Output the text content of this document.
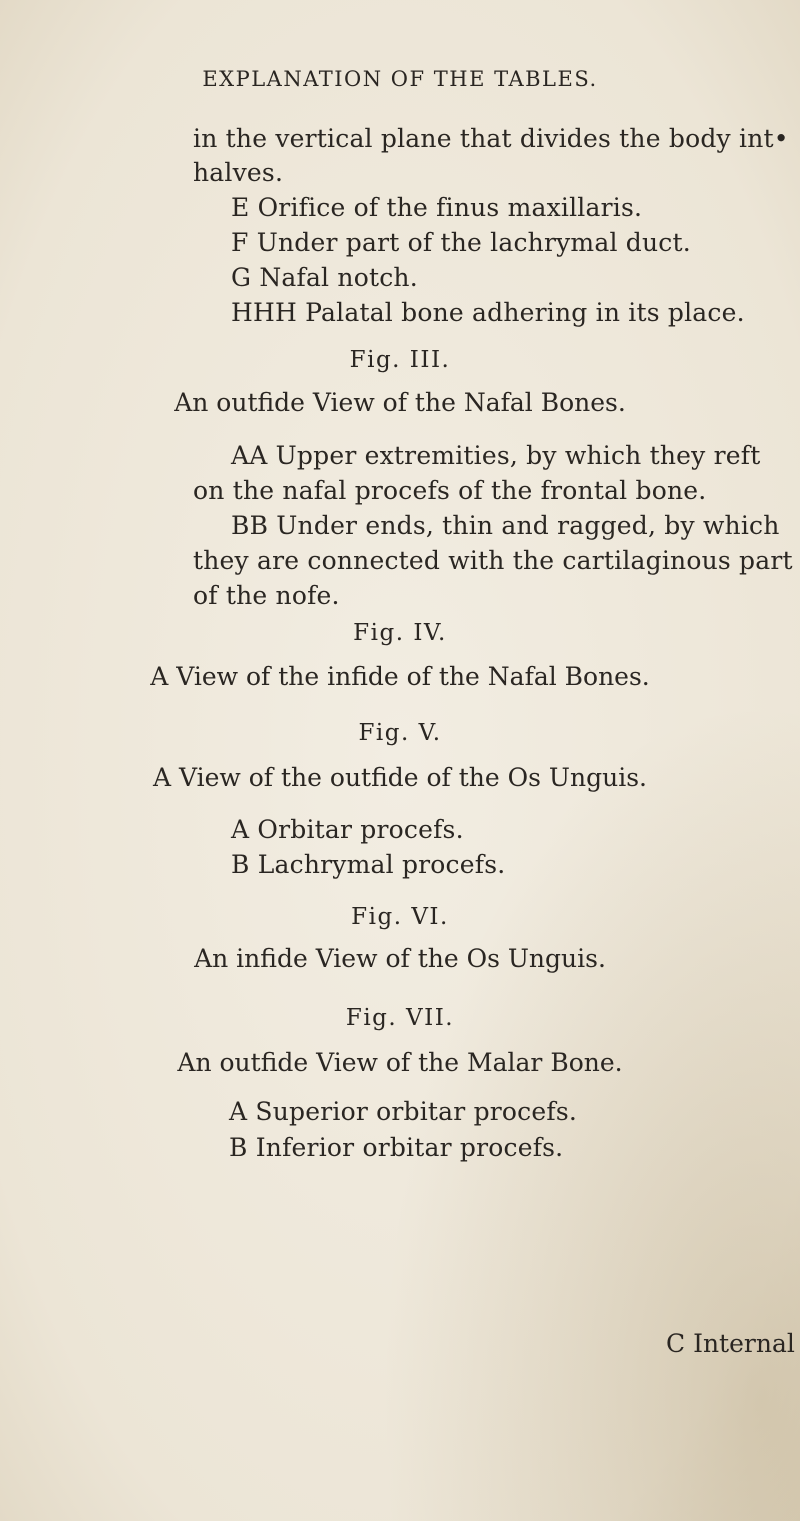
EXPLANATION OF THE TABLES.
in the vertical plane that divides the body int•
halves.
E Orifice of the finus maxillaris.
F Under part of the lachrymal duct.
G Nafal notch.
HHH Palatal bone adhering in its place.
Fig. III.
An outfide View of the Nafal Bones.
AA Upper extremities, by which they reft
on the nafal procefs of the frontal bone.
BB Under ends, thin and ragged, by which
they are connected with the cartilaginous part
of the nofe.
Fig. IV.
A View of the infide of the Nafal Bones.
Fig. V.
A View of the outfide of the Os Unguis.
A Orbitar procefs.
B Lachrymal procefs.
Fig. VI.
An infide View of the Os Unguis.
Fig. VII.
An outfide View of the Malar Bone.
A Superior orbitar procefs.
B Inferior orbitar procefs.
C Internal
